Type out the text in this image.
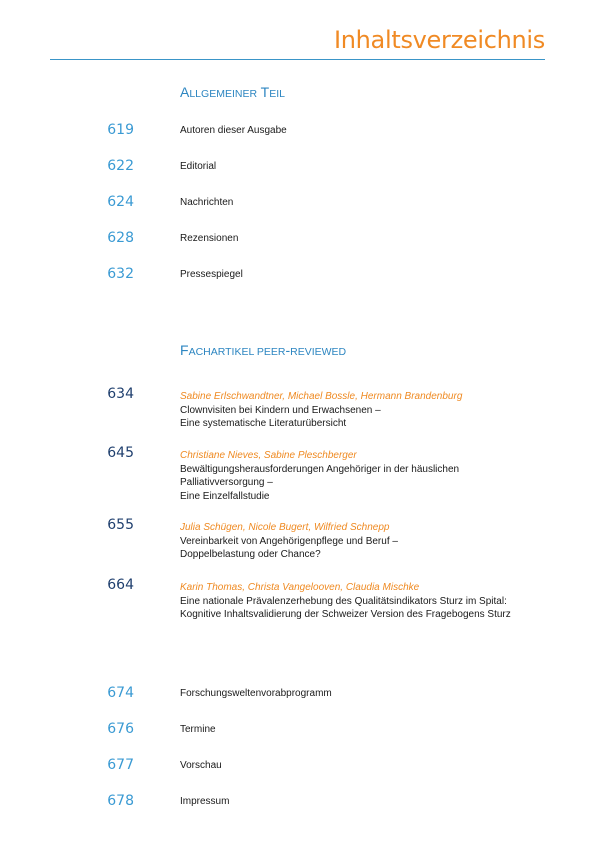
Inhaltsverzeichnis
ALLGEMEINER TEIL
619	Autoren dieser Ausgabe
622	Editorial
624	Nachrichten
628	Rezensionen
632	Pressespiegel
FACHARTIKEL PEER-REVIEWED
634	Sabine Erlschwandtner, Michael Bossle, Hermann Brandenburg
Clownvisiten bei Kindern und Erwachsenen –
Eine systematische Literaturübersicht
645	Christiane Nieves, Sabine Pleschberger
Bewältigungsherausforderungen Angehöriger in der häuslichen
Palliativversorgung –
Eine Einzelfallstudie
655	Julia Schügen, Nicole Bugert, Wilfried Schnepp
Vereinbarkeit von Angehörigenpflege und Beruf –
Doppelbelastung oder Chance?
664	Karin Thomas, Christa Vangelooven, Claudia Mischke
Eine nationale Prävalenzerhebung des Qualitätsindikators Sturz im Spital:
Kognitive Inhaltsvalidierung der Schweizer Version des Fragebogens Sturz
674	Forschungsweltenvorabprogramm
676	Termine
677	Vorschau
678	Impressum
